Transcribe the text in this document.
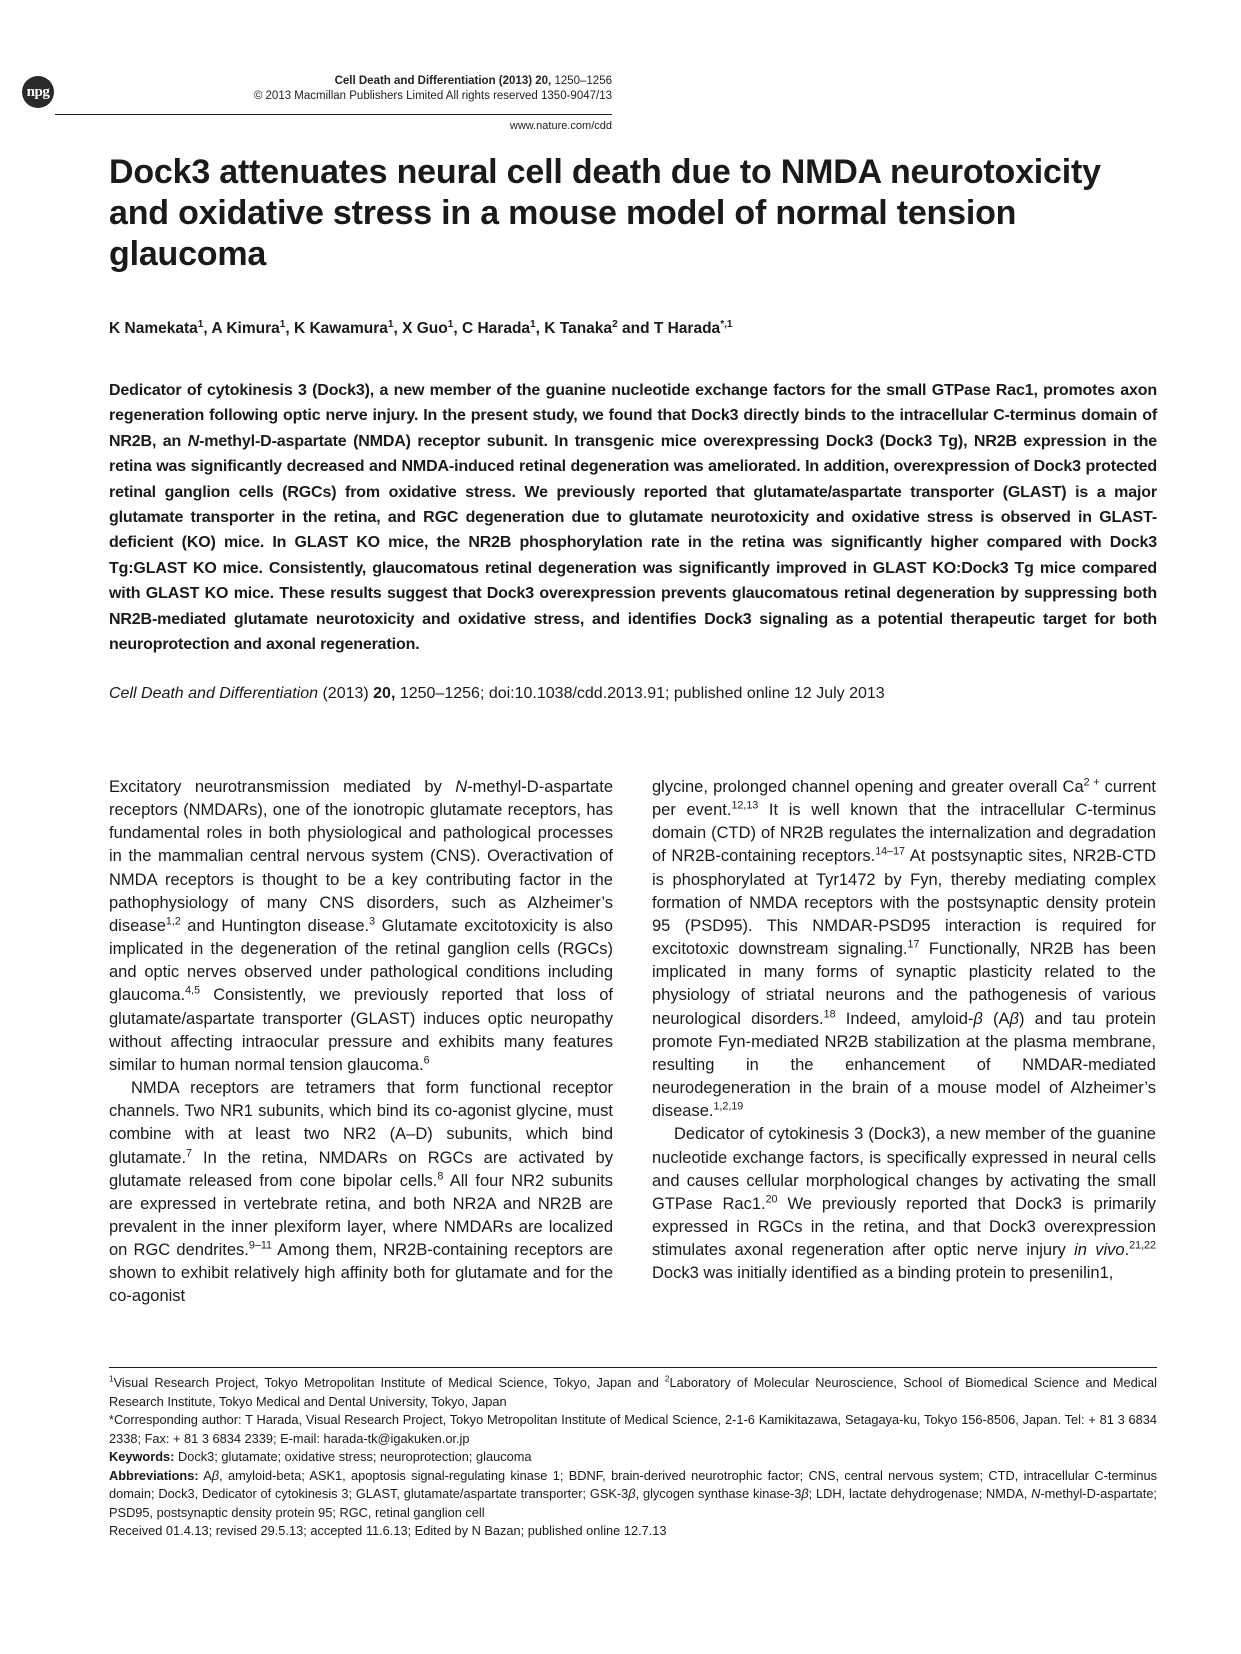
npg
Cell Death and Differentiation (2013) 20, 1250–1256
© 2013 Macmillan Publishers Limited All rights reserved 1350-9047/13
www.nature.com/cdd
Dock3 attenuates neural cell death due to NMDA neurotoxicity and oxidative stress in a mouse model of normal tension glaucoma
K Namekata$^1$, A Kimura$^1$, K Kawamura$^1$, X Guo$^1$, C Harada$^1$, K Tanaka$^2$ and T Harada$^{*,1}$

Dedicator of cytokinesis 3 (Dock3), a new member of the guanine nucleotide exchange factors for the small GTPase Rac1, promotes axon regeneration following optic nerve injury. In the present study, we found that Dock3 directly binds to the intracellular C-terminus domain of NR2B, an N-methyl-D-aspartate (NMDA) receptor subunit. In transgenic mice overexpressing Dock3 (Dock3 Tg), NR2B expression in the retina was significantly decreased and NMDA-induced retinal degeneration was ameliorated. In addition, overexpression of Dock3 protected retinal ganglion cells (RGCs) from oxidative stress. We previously reported that glutamate/aspartate transporter (GLAST) is a major glutamate transporter in the retina, and RGC degeneration due to glutamate neurotoxicity and oxidative stress is observed in GLAST-deficient (KO) mice. In GLAST KO mice, the NR2B phosphorylation rate in the retina was significantly higher compared with Dock3 Tg:GLAST KO mice. Consistently, glaucomatous retinal degeneration was significantly improved in GLAST KO:Dock3 Tg mice compared with GLAST KO mice. These results suggest that Dock3 overexpression prevents glaucomatous retinal degeneration by suppressing both NR2B-mediated glutamate neurotoxicity and oxidative stress, and identifies Dock3 signaling as a potential therapeutic target for both neuroprotection and axonal regeneration.

Cell Death and Differentiation (2013) 20, 1250–1256; doi:10.1038/cdd.2013.91; published online 12 July 2013

Excitatory neurotransmission mediated by N-methyl-D-aspartate receptors (NMDARs), one of the ionotropic glutamate receptors, has fundamental roles in both physiological and pathological processes in the mammalian central nervous system (CNS). Overactivation of NMDA receptors is thought to be a key contributing factor in the pathophysiology of many CNS disorders, such as Alzheimer’s disease$^{1,2}$ and Huntington disease.$^3$ Glutamate excitotoxicity is also implicated in the degeneration of the retinal ganglion cells (RGCs) and optic nerves observed under pathological conditions including glaucoma.$^{4,5}$ Consistently, we previously reported that loss of glutamate/aspartate transporter (GLAST) induces optic neuropathy without affecting intraocular pressure and exhibits many features similar to human normal tension glaucoma.$^6$

NMDA receptors are tetramers that form functional receptor channels. Two NR1 subunits, which bind its co-agonist glycine, must combine with at least two NR2 (A–D) subunits, which bind glutamate.$^7$ In the retina, NMDARs on RGCs are activated by glutamate released from cone bipolar cells.$^8$ All four NR2 subunits are expressed in vertebrate retina, and both NR2A and NR2B are prevalent in the inner plexiform layer, where NMDARs are localized on RGC dendrites.$^{9-11}$ Among them, NR2B-containing receptors are shown to exhibit relatively high affinity both for glutamate and for the co-agonist

glycine, prolonged channel opening and greater overall $Ca^{2 +}$ current per event.$^{12,13}$ It is well known that the intracellular C-terminus domain (CTD) of NR2B regulates the internalization and degradation of NR2B-containing receptors.$^{14-17}$ At postsynaptic sites, NR2B-CTD is phosphorylated at Tyr1472 by Fyn, thereby mediating complex formation of NMDA receptors with the postsynaptic density protein 95 (PSD95). This NMDAR-PSD95 interaction is required for excitotoxic downstream signaling.$^{17}$ Functionally, NR2B has been implicated in many forms of synaptic plasticity related to the physiology of striatal neurons and the pathogenesis of various neurological disorders.$^{18}$ Indeed, amyloid-β (Aβ) and tau protein promote Fyn-mediated NR2B stabilization at the plasma membrane, resulting in the enhancement of NMDAR-mediated neurodegeneration in the brain of a mouse model of Alzheimer’s disease.$^{1,2,19}$

Dedicator of cytokinesis 3 (Dock3), a new member of the guanine nucleotide exchange factors, is specifically expressed in neural cells and causes cellular morphological changes by activating the small GTPase Rac1.20 We previously reported that Dock3 is primarily expressed in RGCs in the retina, and that Dock3 overexpression stimulates axonal regeneration after optic nerve injury in vivo.$^{21,22}$ Dock3 was initially identified as a binding protein to presenilin1,

$^1$Visual Research Project, Tokyo Metropolitan Institute of Medical Science, Tokyo, Japan and $^2$Laboratory of Molecular Neuroscience, School of Biomedical Science and Medical Research Institute, Tokyo Medical and Dental University, Tokyo, Japan

*Corresponding author: T Harada, Visual Research Project, Tokyo Metropolitan Institute of Medical Science, 2-1-6 Kamikitazawa, Setagaya-ku, Tokyo 156-8506, Japan. Tel: + 81 3 6834 2338; Fax: + 81 3 6834 2339; E-mail: harada-tk@igakuken.or.jp

Keywords: Dock3; glutamate; oxidative stress; neuroprotection; glaucoma

Abbreviations: Aβ, amyloid-beta; ASK1, apoptosis signal-regulating kinase 1; BDNF, brain-derived neurotrophic factor; CNS, central nervous system; CTD, intracellular C-terminus domain; Dock3, Dedicator of cytokinesis 3; GLAST, glutamate/aspartate transporter; GSK-3β, glycogen synthase kinase-3β; LDH, lactate dehydrogenase; NMDA, N-methyl-D-aspartate; PSD95, postsynaptic density protein 95; RGC, retinal ganglion cell

Received 01.4.13; revised 29.5.13; accepted 11.6.13; Edited by N Bazan; published online 12.7.13
